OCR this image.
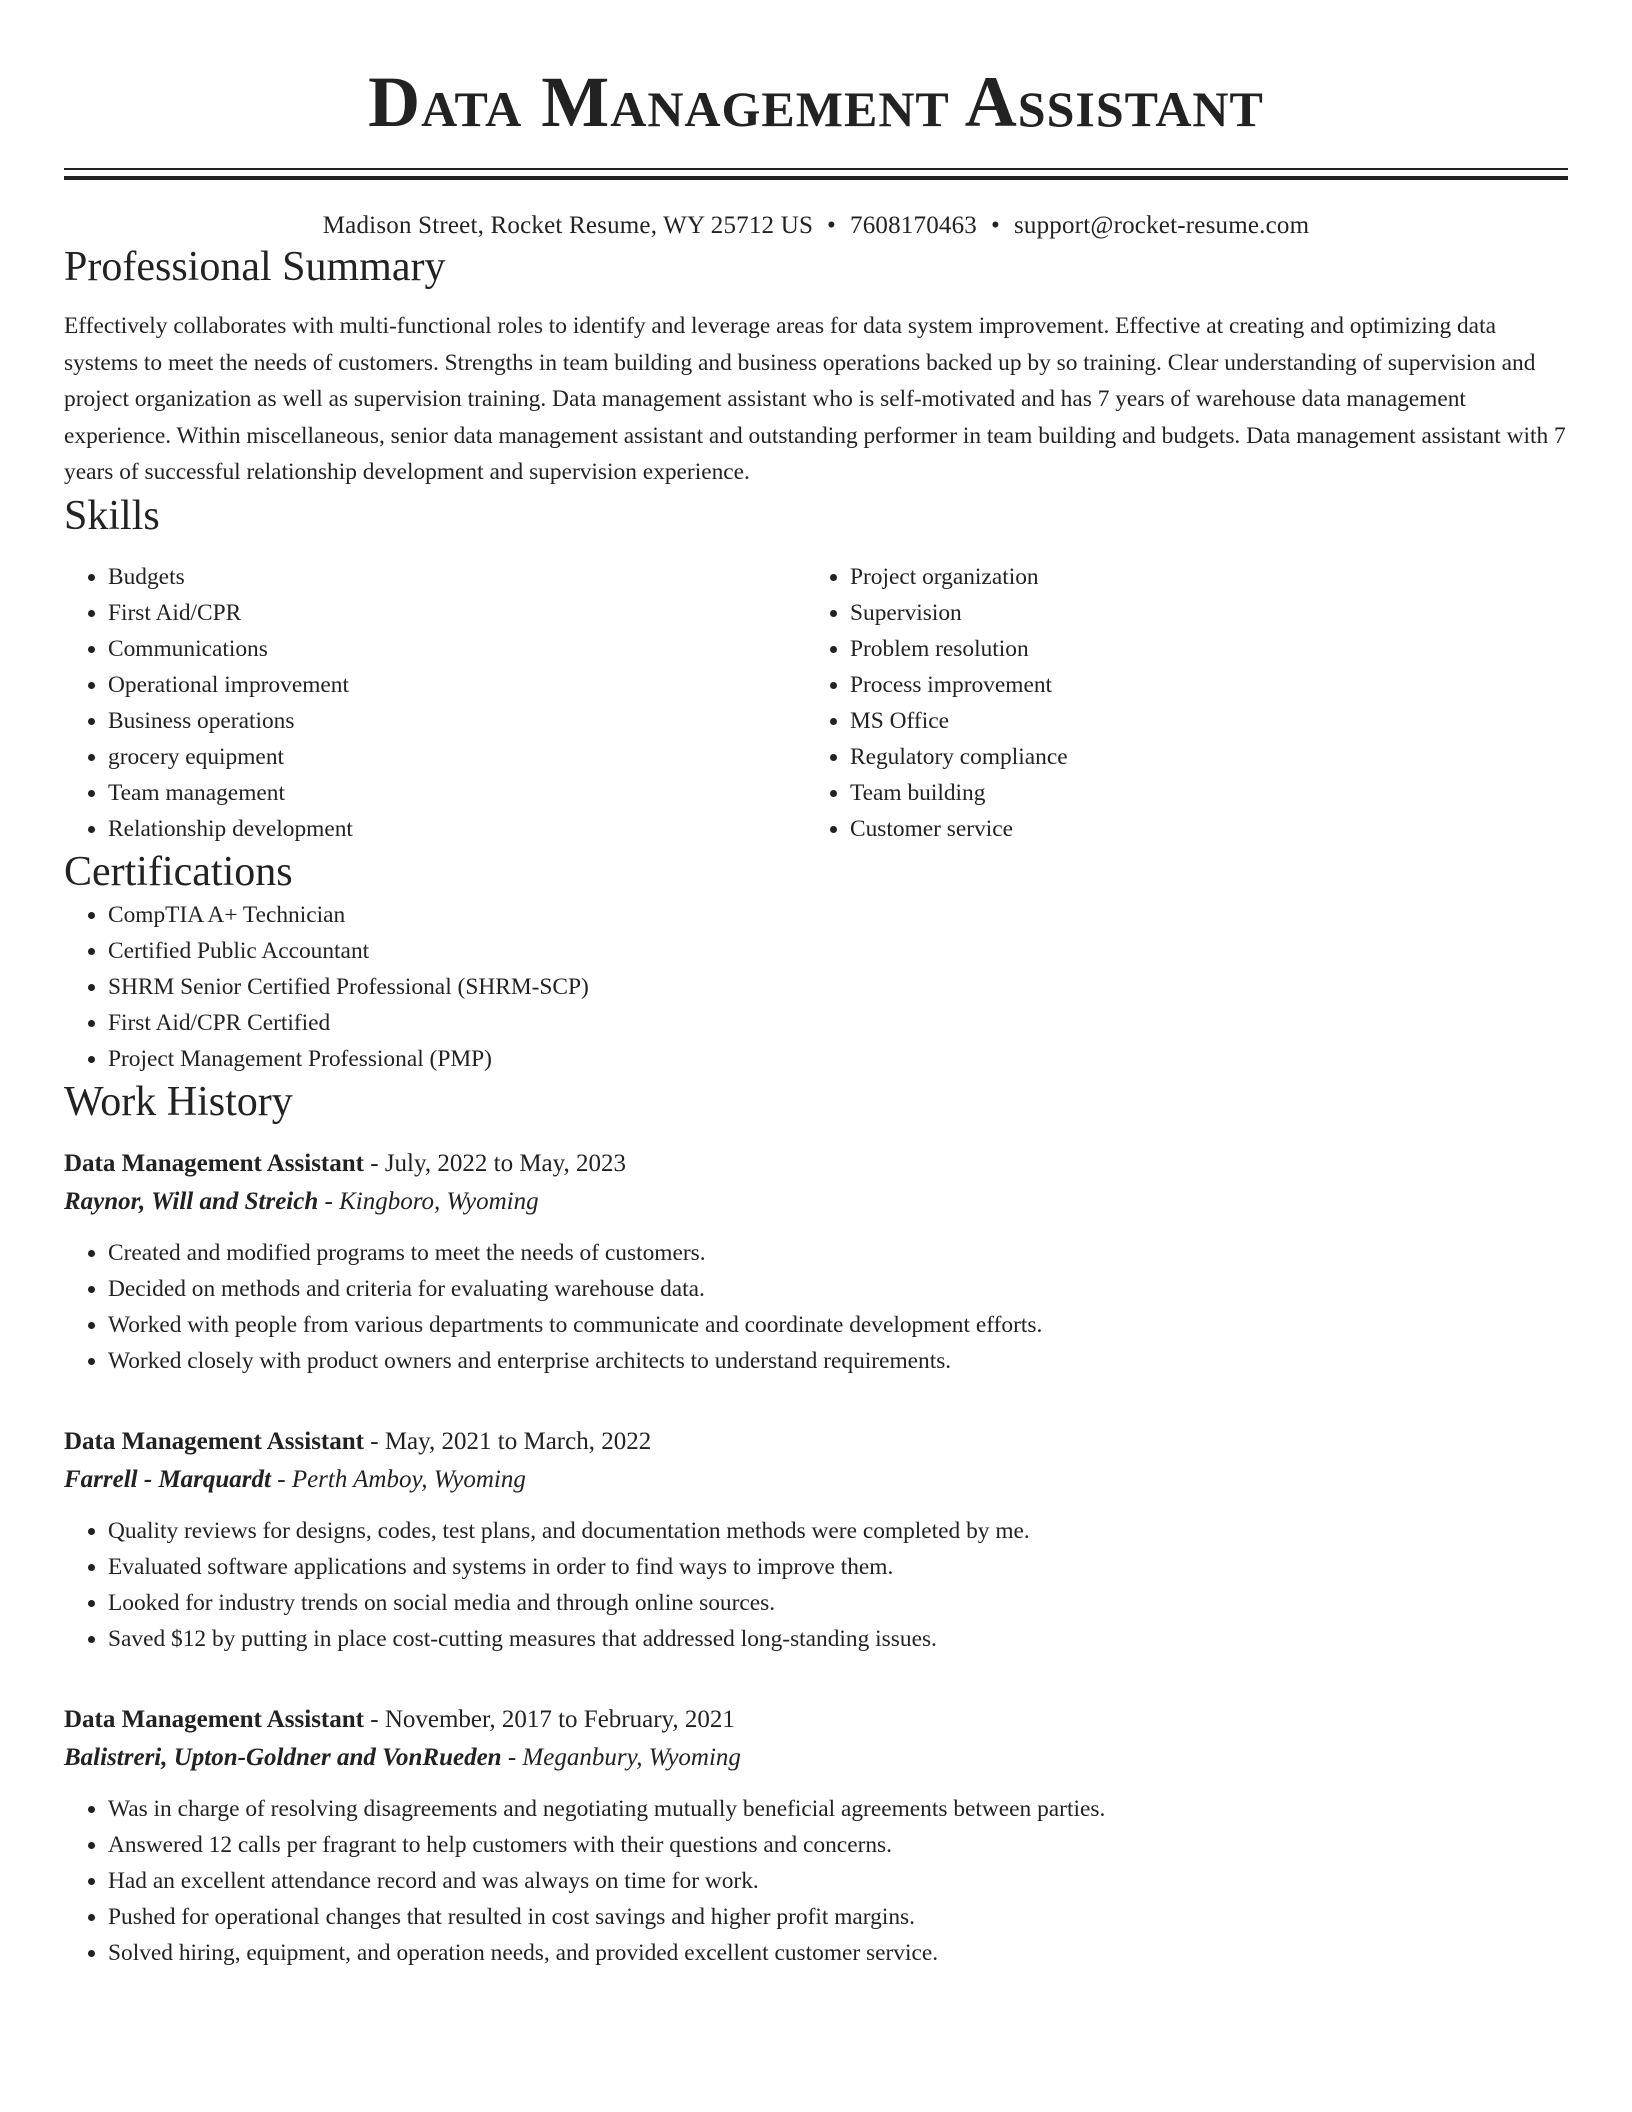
Data Management Assistant
Madison Street, Rocket Resume, WY 25712 US • 7608170463 • support@rocket-resume.com
Professional Summary

Effectively collaborates with multi-functional roles to identify and leverage areas for data system improvement. Effective at creating and optimizing data systems to meet the needs of customers. Strengths in team building and business operations backed up by so training. Clear understanding of supervision and project organization as well as supervision training. Data management assistant who is self-motivated and has 7 years of warehouse data management experience. Within miscellaneous, senior data management assistant and outstanding performer in team building and budgets. Data management assistant with 7 years of successful relationship development and supervision experience.

Skills
• Budgets
• First Aid/CPR
• Communications
• Operational improvement
• Business operations
• grocery equipment
• Team management
• Relationship development
• Project organization
• Supervision
• Problem resolution
• Process improvement
• MS Office
• Regulatory compliance
• Team building
• Customer service
Certifications
• CompTIA A+ Technician
• Certified Public Accountant
• SHRM Senior Certified Professional (SHRM-SCP)
• First Aid/CPR Certified
• Project Management Professional (PMP)
Work History
Data Management Assistant - July, 2022 to May, 2023
Raynor, Will and Streich - Kingboro, Wyoming
• Created and modified programs to meet the needs of customers.
• Decided on methods and criteria for evaluating warehouse data.
• Worked with people from various departments to communicate and coordinate development efforts.
• Worked closely with product owners and enterprise architects to understand requirements.
Data Management Assistant - May, 2021 to March, 2022
Farrell - Marquardt - Perth Amboy, Wyoming
• Quality reviews for designs, codes, test plans, and documentation methods were completed by me.
• Evaluated software applications and systems in order to find ways to improve them.
• Looked for industry trends on social media and through online sources.
• Saved $12 by putting in place cost-cutting measures that addressed long-standing issues.
Data Management Assistant - November, 2017 to February, 2021
Balistreri, Upton-Goldner and VonRueden - Meganbury, Wyoming
• Was in charge of resolving disagreements and negotiating mutually beneficial agreements between parties.
• Answered 12 calls per fragrant to help customers with their questions and concerns.
• Had an excellent attendance record and was always on time for work.
• Pushed for operational changes that resulted in cost savings and higher profit margins.
• Solved hiring, equipment, and operation needs, and provided excellent customer service.
